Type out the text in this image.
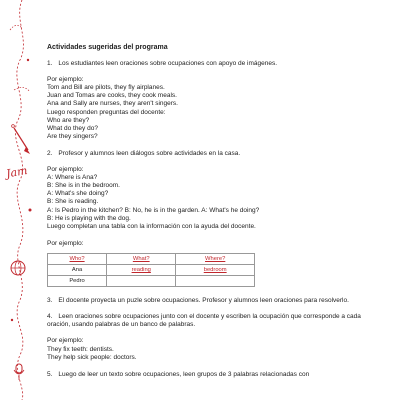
Jam
Actividades sugeridas del programa
1. Los estudiantes leen oraciones sobre ocupaciones con apoyo de imágenes.
Por ejemplo:
Tom and Bill are pilots, they fly airplanes.
Juan and Tomas are cooks, they cook meals.
Ana and Sally are nurses, they aren't singers.
Luego responden preguntas del docente:
Who are they?
What do they do?
Are they singers?
2. Profesor y alumnos leen diálogos sobre actividades en la casa.
Por ejemplo:
A: Where is Ana?
B: She is in the bedroom.
A: What's she doing?
B: She is reading.
A: Is Pedro in the kitchen? B: No, he is in the garden. A: What's he doing?
B: He is playing with the dog.
Luego completan una tabla con la información con la ayuda del docente.
Por ejemplo:
Who?	What?	Where?
Ana	reading	bedroom
Pedro		
3. El docente proyecta un puzle sobre ocupaciones. Profesor y alumnos leen oraciones para resolverlo.
4. Leen oraciones sobre ocupaciones junto con el docente y escriben la ocupación que corresponde a cada oración, usando palabras de un banco de palabras.
Por ejemplo:
They fix teeth: dentists.
They help sick people: doctors.
5. Luego de leer un texto sobre ocupaciones, leen grupos de 3 palabras relacionadas con
